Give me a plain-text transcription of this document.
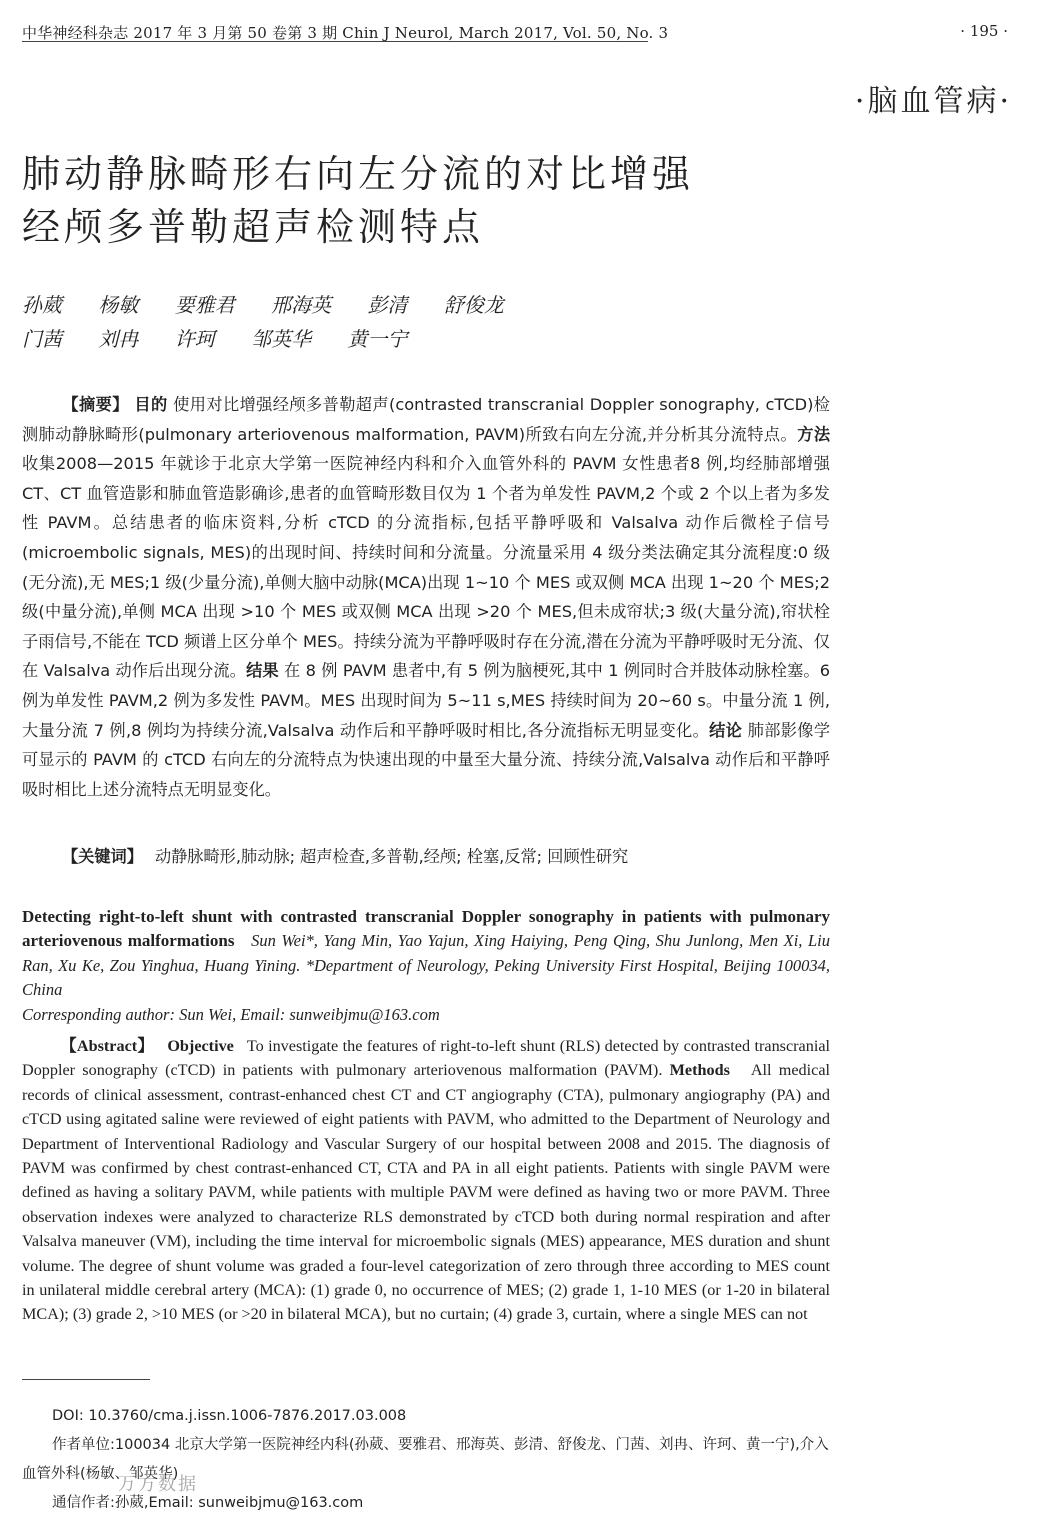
中华神经科杂志 2017 年 3 月第 50 卷第 3 期 Chin J Neurol, March 2017, Vol. 50, No. 3	· 195 ·
·脑血管病·
肺动静脉畸形右向左分流的对比增强
经颅多普勒超声检测特点
孙葳 杨敏 要雅君 邢海英 彭清 舒俊龙
门茜 刘冉 许珂 邹英华 黄一宁
【摘要】 目的 使用对比增强经颅多普勒超声(contrasted transcranial Doppler sonography, cTCD)检测肺动静脉畸形(pulmonary arteriovenous malformation, PAVM)所致右向左分流,并分析其分流特点。方法 收集2008—2015 年就诊于北京大学第一医院神经内科和介入血管外科的 PAVM 女性患者8 例,均经肺部增强 CT、CT 血管造影和肺血管造影确诊,患者的血管畸形数目仅为 1 个者为单发性 PAVM,2 个或 2 个以上者为多发性 PAVM。总结患者的临床资料,分析 cTCD 的分流指标,包括平静呼吸和 Valsalva 动作后微栓子信号(microembolic signals, MES)的出现时间、持续时间和分流量。分流量采用 4 级分类法确定其分流程度:0 级(无分流),无 MES;1 级(少量分流),单侧大脑中动脉(MCA)出现 1~10 个 MES 或双侧 MCA 出现 1~20 个 MES;2 级(中量分流),单侧 MCA 出现 >10 个 MES 或双侧 MCA 出现 >20 个 MES,但未成帘状;3 级(大量分流),帘状栓子雨信号,不能在 TCD 频谱上区分单个 MES。持续分流为平静呼吸时存在分流,潜在分流为平静呼吸时无分流、仅在 Valsalva 动作后出现分流。结果 在 8 例 PAVM 患者中,有 5 例为脑梗死,其中 1 例同时合并肢体动脉栓塞。6 例为单发性 PAVM,2 例为多发性 PAVM。MES 出现时间为 5~11 s,MES 持续时间为 20~60 s。中量分流 1 例,大量分流 7 例,8 例均为持续分流,Valsalva 动作后和平静呼吸时相比,各分流指标无明显变化。结论 肺部影像学可显示的 PAVM 的 cTCD 右向左的分流特点为快速出现的中量至大量分流、持续分流,Valsalva 动作后和平静呼吸时相比上述分流特点无明显变化。
【关键词】 动静脉畸形,肺动脉; 超声检查,多普勒,经颅; 栓塞,反常; 回顾性研究
Detecting right-to-left shunt with contrasted transcranial Doppler sonography in patients with pulmonary arteriovenous malformations Sun Wei*, Yang Min, Yao Yajun, Xing Haiying, Peng Qing, Shu Junlong, Men Xi, Liu Ran, Xu Ke, Zou Yinghua, Huang Yining. *Department of Neurology, Peking University First Hospital, Beijing 100034, China
Corresponding author: Sun Wei, Email: sunweibjmu@163.com
【Abstract】 Objective To investigate the features of right-to-left shunt (RLS) detected by contrasted transcranial Doppler sonography (cTCD) in patients with pulmonary arteriovenous malformation (PAVM). Methods All medical records of clinical assessment, contrast-enhanced chest CT and CT angiography (CTA), pulmonary angiography (PA) and cTCD using agitated saline were reviewed of eight patients with PAVM, who admitted to the Department of Neurology and Department of Interventional Radiology and Vascular Surgery of our hospital between 2008 and 2015. The diagnosis of PAVM was confirmed by chest contrast-enhanced CT, CTA and PA in all eight patients. Patients with single PAVM were defined as having a solitary PAVM, while patients with multiple PAVM were defined as having two or more PAVM. Three observation indexes were analyzed to characterize RLS demonstrated by cTCD both during normal respiration and after Valsalva maneuver (VM), including the time interval for microembolic signals (MES) appearance, MES duration and shunt volume. The degree of shunt volume was graded a four-level categorization of zero through three according to MES count in unilateral middle cerebral artery (MCA): (1) grade 0, no occurrence of MES; (2) grade 1, 1-10 MES (or 1-20 in bilateral MCA); (3) grade 2, >10 MES (or >20 in bilateral MCA), but no curtain; (4) grade 3, curtain, where a single MES can not
DOI: 10.3760/cma.j.issn.1006-7876.2017.03.008
作者单位:100034 北京大学第一医院神经内科(孙葳、要雅君、邢海英、彭清、舒俊龙、门茜、刘冉、许珂、黄一宁),介入血管外科(杨敏、邹英华)
通信作者:孙葳,Email: sunweibjmu@163.com
万方数据
